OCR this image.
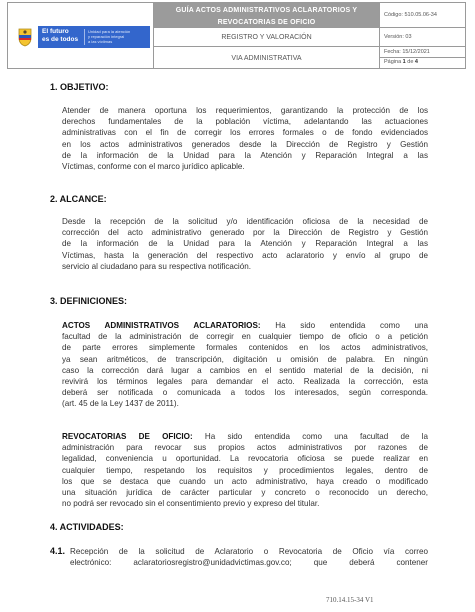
El futuro
es de todos
Unidad para la atención
y reparación integral
a las víctimas
GUÍA ACTOS ADMINISTRATIVOS ACLARATORIOS Y
REVOCATORIAS DE OFICIO
REGISTRO Y VALORACIÓN
VIA ADMINISTRATIVA
Código: 510.05.06-34
Versión: 03
Fecha: 15/12/2021
Página 1 de 4
1. OBJETIVO:
Atender de manera oportuna los requerimientos, garantizando la protección de los
derechos fundamentales de la población víctima, adelantando las actuaciones
administrativas con el fin de corregir los errores formales o de fondo evidenciados
en los actos administrativos generados desde la Dirección de Registro y Gestión
de la información de la Unidad para la Atención y Reparación Integral a las
Víctimas, conforme con el marco jurídico aplicable.
2. ALCANCE:
Desde la recepción de la solicitud y/o identificación oficiosa de la necesidad de
corrección del acto administrativo generado por la Dirección de Registro y Gestión
de la información de la Unidad para la Atención y Reparación Integral a las
Víctimas, hasta la generación del respectivo acto aclaratorio y envío al grupo de
servicio al ciudadano para su respectiva notificación.
3. DEFINICIONES:
ACTOS ADMINISTRATIVOS ACLARATORIOS: Ha sido entendida como una
facultad de la administración de corregir en cualquier tiempo de oficio o a petición
de parte errores simplemente formales contenidos en los actos administrativos,
ya sean aritméticos, de transcripción, digitación u omisión de palabra. En ningún
caso la corrección dará lugar a cambios en el sentido material de la decisión, ni
revivirá los términos legales para demandar el acto. Realizada la corrección, esta
deberá ser notificada o comunicada a todos los interesados, según corresponda.
(art. 45 de la Ley 1437 de 2011).
REVOCATORIAS DE OFICIO: Ha sido entendida como una facultad de la
administración para revocar sus propios actos administrativos por razones de
legalidad, conveniencia u oportunidad. La revocatoria oficiosa se puede realizar en
cualquier tiempo, respetando los requisitos y procedimientos legales, dentro de
los que se destaca que cuando un acto administrativo, haya creado o modificado
una situación jurídica de carácter particular y concreto o reconocido un derecho,
no podrá ser revocado sin el consentimiento previo y expreso del titular.
4. ACTIVIDADES:
4.1. Recepción de la solicitud de Aclaratorio o Revocatoria de Oficio vía correo
electrónico: aclaratoriosregistro@unidadvictimas.gov.co; que deberá contener
710.14.15-34 V1
